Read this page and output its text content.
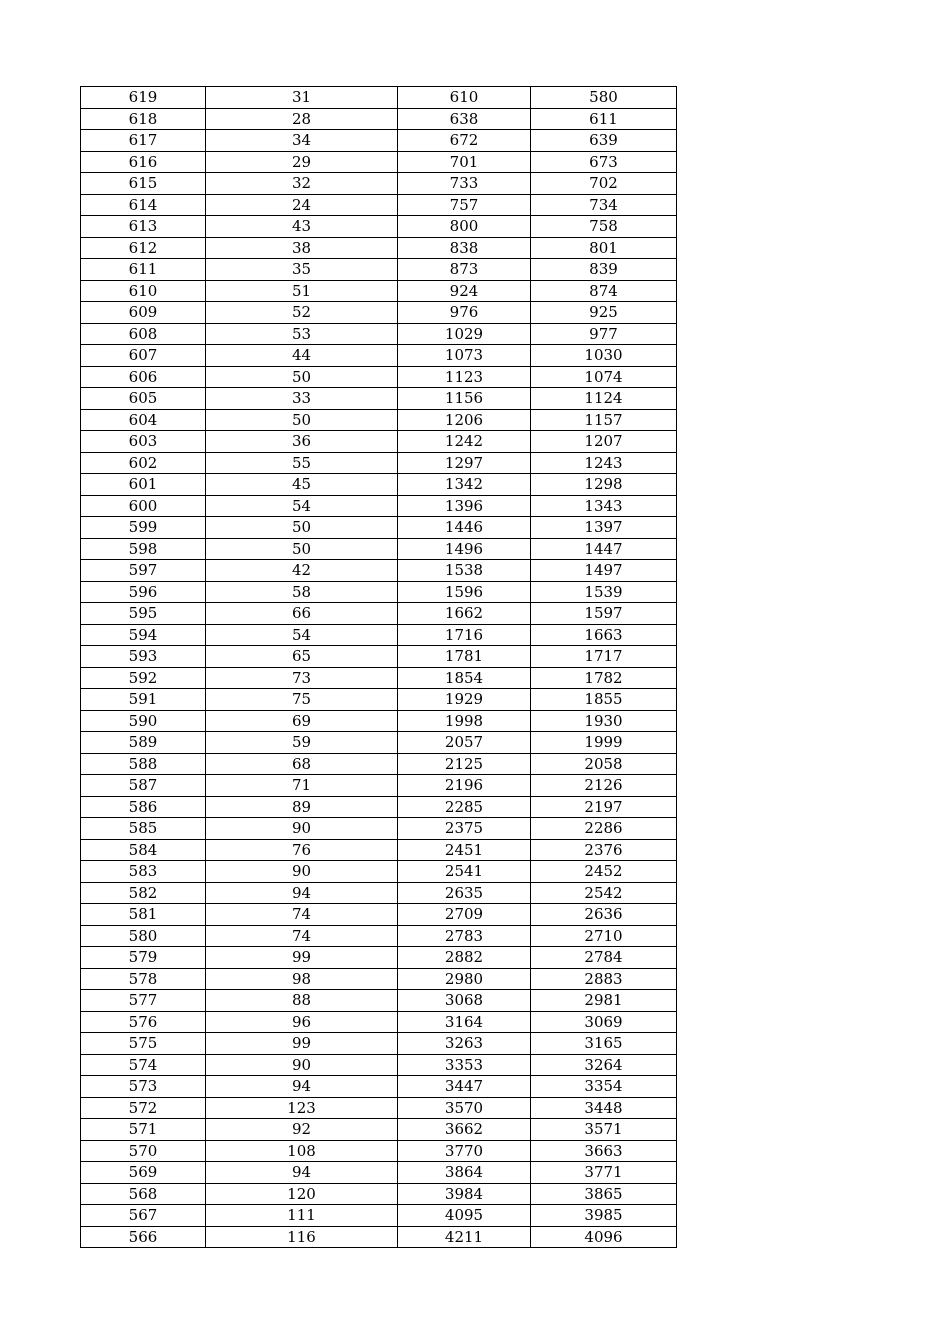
619	31	610	580
618	28	638	611
617	34	672	639
616	29	701	673
615	32	733	702
614	24	757	734
613	43	800	758
612	38	838	801
611	35	873	839
610	51	924	874
609	52	976	925
608	53	1029	977
607	44	1073	1030
606	50	1123	1074
605	33	1156	1124
604	50	1206	1157
603	36	1242	1207
602	55	1297	1243
601	45	1342	1298
600	54	1396	1343
599	50	1446	1397
598	50	1496	1447
597	42	1538	1497
596	58	1596	1539
595	66	1662	1597
594	54	1716	1663
593	65	1781	1717
592	73	1854	1782
591	75	1929	1855
590	69	1998	1930
589	59	2057	1999
588	68	2125	2058
587	71	2196	2126
586	89	2285	2197
585	90	2375	2286
584	76	2451	2376
583	90	2541	2452
582	94	2635	2542
581	74	2709	2636
580	74	2783	2710
579	99	2882	2784
578	98	2980	2883
577	88	3068	2981
576	96	3164	3069
575	99	3263	3165
574	90	3353	3264
573	94	3447	3354
572	123	3570	3448
571	92	3662	3571
570	108	3770	3663
569	94	3864	3771
568	120	3984	3865
567	111	4095	3985
566	116	4211	4096
